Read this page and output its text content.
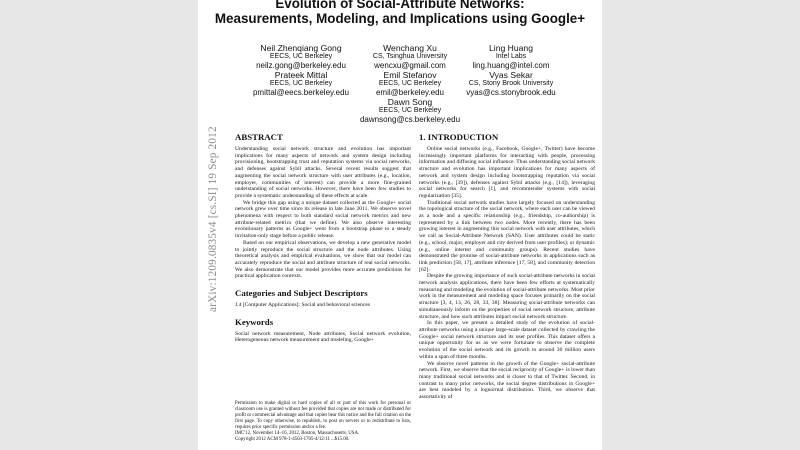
arXiv:1209.0835v4 [cs.SI] 19 Sep 2012
Evolution of Social-Attribute Networks:
Measurements, Modeling, and Implications using Google+
Neil Zhenqiang Gong
EECS, UC Berkeley
neilz.gong@berkeley.edu
Wenchang Xu
CS, Tsinghua University
wencxu@gmail.com
Ling Huang
Intel Labs
ling.huang@intel.com
Prateek Mittal
EECS, UC Berkeley
pmittal@eecs.berkeley.edu
Emil Stefanov
EECS, UC Berkeley
emil@berkeley.edu
Vyas Sekar
CS, Stony Brook University
vyas@cs.stonybrook.edu
Dawn Song
EECS, UC Berkeley
dawnsong@cs.berkeley.edu
ABSTRACT

Understanding social network structure and evolution has important implications for many aspects of network and system design including provisioning, bootstrapping trust and reputation systems via social networks, and defenses against Sybil attacks. Several recent results suggest that augmenting the social network structure with user attributes (e.g., location, employer, communities of interest) can provide a more fine-grained understanding of social networks. However, there have been few studies to provide a systematic understanding of these effects at scale.

We bridge this gap using a unique dataset collected as the Google+ social network grew over time since its release in late June 2011. We observe novel phenomena with respect to both standard social network metrics and new attribute-related metrics (that we define). We also observe interesting evolutionary patterns as Google+ went from a bootstrap phase to a steady invitation-only stage before a public release.

Based on our empirical observations, we develop a new generative model to jointly reproduce the social structure and the node attributes. Using theoretical analysis and empirical evaluations, we show that our model can accurately reproduce the social and attribute structure of real social networks. We also demonstrate that our model provides more accurate predictions for practical application contexts.

Categories and Subject Descriptors

J.4 [Computer Applications]: Social and behavioral sciences

Keywords

Social network measurement, Node attributes, Social network evolution, Heterogeneous network measurement and modeling, Google+

Permission to make digital or hard copies of all or part of this work for personal or classroom use is granted without fee provided that copies are not made or distributed for profit or commercial advantage and that copies bear this notice and the full citation on the first page. To copy otherwise, to republish, to post on servers or to redistribute to lists, requires prior specific permission and/or a fee.

IMC'12, November 14–16, 2012, Boston, Massachusetts, USA.

Copyright 2012 ACM 978-1-4503-1705-4/12/11 ...$15.00.

1. INTRODUCTION

Online social networks (e.g., Facebook, Google+, Twitter) have become increasingly important platforms for interacting with people, processing information and diffusing social influence. Thus understanding social network structure and evolution has important implications for many aspects of network and system design including bootstrapping reputation via social networks (e.g., [39]), defenses against Sybil attacks (e.g., [14]), leveraging social networks for search [1], and recommender systems with social regularization [35].

Traditional social network studies have largely focused on understanding the topological structure of the social network, where each user can be viewed as a node and a specific relationship (e.g., friendship, co-authorship) is represented by a link between two nodes. More recently, there has been growing interest in augmenting this social network with user attributes, which we call as Social-Attribute Network (SAN). User attributes could be static (e.g., school, major, employer and city derived from user profiles); or dynamic (e.g., online interest and community groups). Recent studies have demonstrated the promise of social-attribute networks in applications such as link prediction [58, 17], attribute inference [17, 58], and community detection [62].

Despite the growing importance of such social-attribute networks in social network analysis applications, there have been few efforts at systematically measuring and modeling the evolution of social-attribute networks. Most prior work in the measurement and modeling space focuses primarily on the social structure [3, 4, 13, 26, 28, 33, 38]. Measuring social-attribute networks can simultaneously inform us the properties of social network structure, attribute structure, and how such attributes impact social network structure.

In this paper, we present a detailed study of the evolution of social-attribute networks using a unique large-scale dataset collected by crawling the Google+ social network structure and its user profiles. This dataset offers a unique opportunity for us as we were fortunate to observe the complete evolution of the social network and its growth to around 30 million users within a span of three months.

We observe novel patterns in the growth of the Google+ social-attribute network. First, we observe that the social reciprocity of Google+ is lower than many traditional social networks and is closer to that of Twitter. Second, in contrast to many prior networks, the social degree distributions in Google+ are best modeled by a lognormal distribution. Third, we observe that assortativity of
